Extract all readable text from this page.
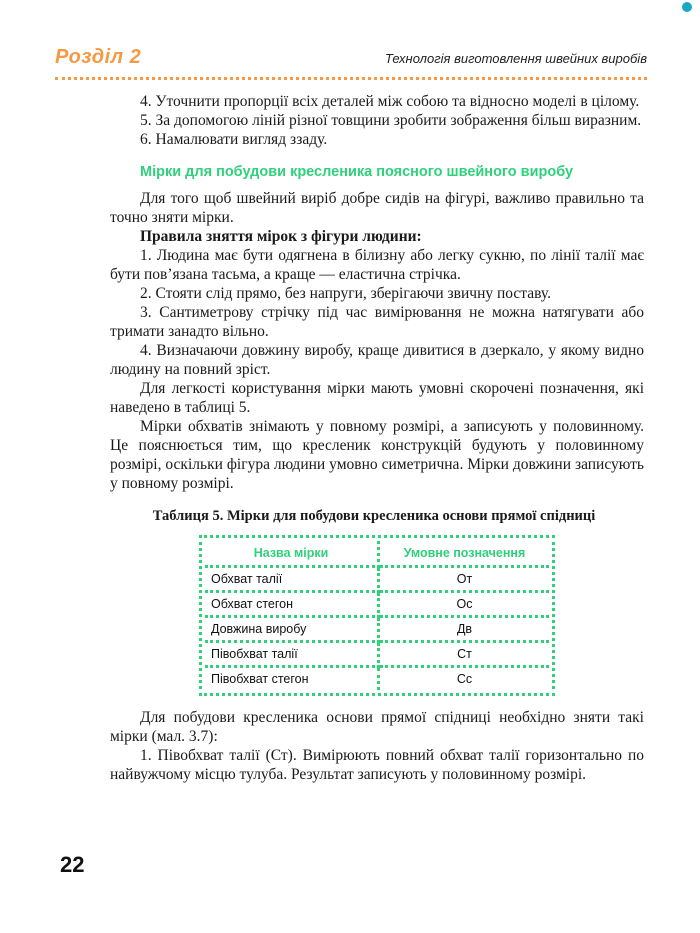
Розділ 2	Технологія виготовлення швейних виробів

4. Уточнити пропорції всіх деталей між собою та відносно моделі в цілому.

5. За допомогою ліній різної товщини зробити зображення більш виразним.

6. Намалювати вигляд ззаду.

Мірки для побудови кресленика поясного швейного виробу

Для того щоб швейний виріб добре сидів на фігурі, важливо правильно та точно зняти мірки.

Правила зняття мірок з фігури людини:

1. Людина має бути одягнена в білизну або легку сукню, по лінії талії має бути пов’язана тасьма, а краще — еластична стрічка.

2. Стояти слід прямо, без напруги, зберігаючи звичну поставу.

3. Сантиметрову стрічку під час вимірювання не можна натягувати або тримати занадто вільно.

4. Визначаючи довжину виробу, краще дивитися в дзеркало, у якому видно людину на повний зріст.

Для легкості користування мірки мають умовні скорочені позначення, які наведено в таблиці 5.

Мірки обхватів знімають у повному розмірі, а записують у половинному. Це пояснюється тим, що кресленик конструкцій будують у половинному розмірі, оскільки фігура людини умовно симетрична. Мірки довжини записують у повному розмірі.

Таблиця 5. Мірки для побудови кресленика основи прямої спідниці
Назва мірки	Умовне позначення
Обхват талії	От
Обхват стегон	Ос
Довжина виробу	Дв
Півобхват талії	Ст
Півобхват стегон	Сс

Для побудови кресленика основи прямої спідниці необхідно зняти такі мірки (мал. 3.7):

1. Півобхват талії (Ст). Вимірюють повний обхват талії горизонтально по найвужчому місцю тулуба. Результат записують у половинному розмірі.

22
